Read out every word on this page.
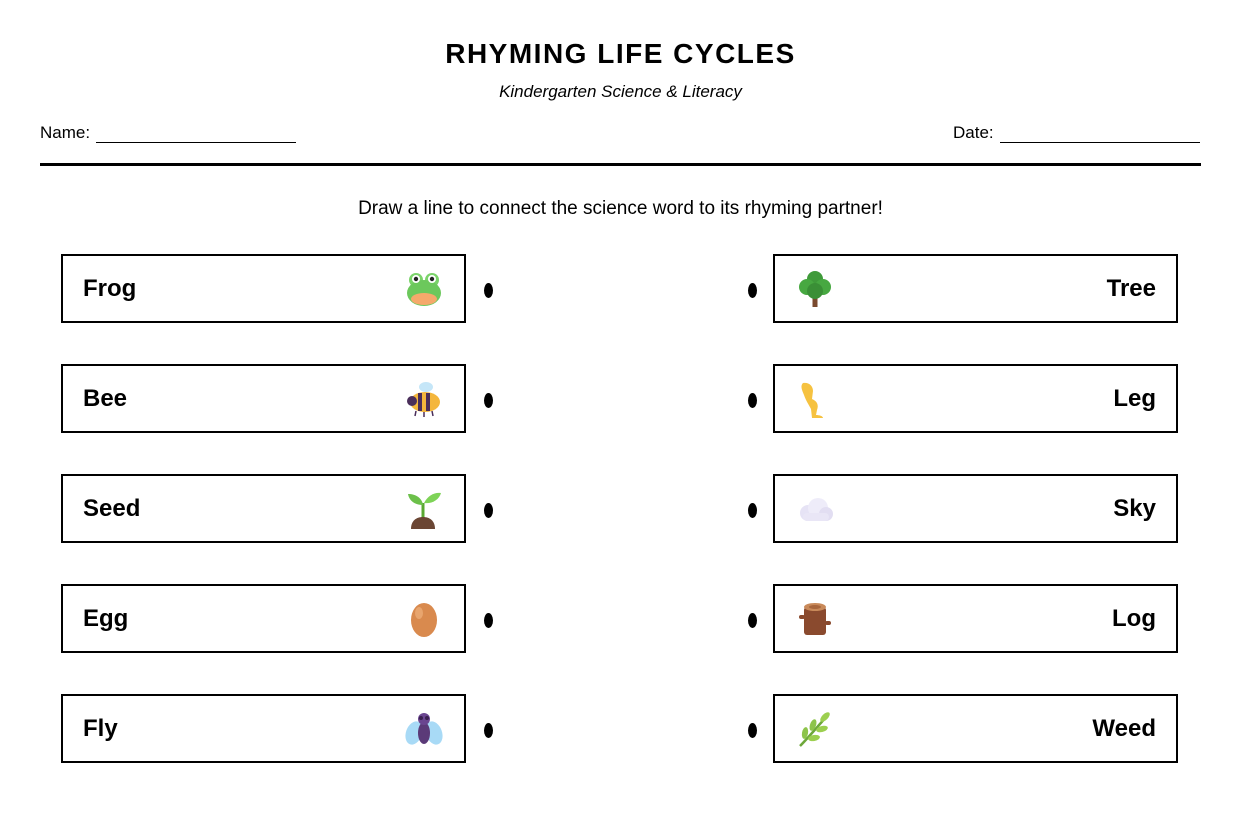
RHYMING LIFE CYCLES
Kindergarten Science & Literacy
Name:	Date:
Draw a line to connect the science word to its rhyming partner!
Frog
Bee
Seed
Egg
Fly
Tree
Leg
Sky
Log
Weed
